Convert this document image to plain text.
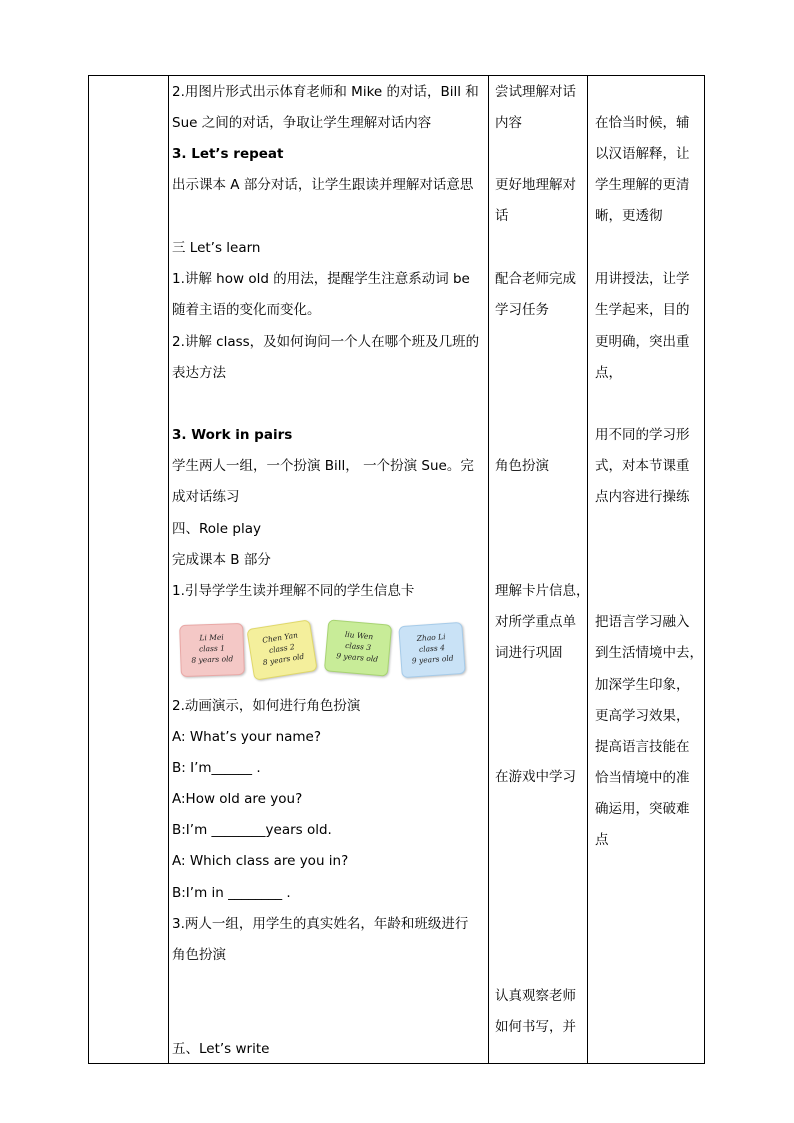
2.用图片形式出示体育老师和 Mike 的对话，Bill 和
Sue 之间的对话，争取让学生理解对话内容
3. Let’s repeat
出示课本 A 部分对话，让学生跟读并理解对话意思
三 Let’s learn
1.讲解 how old 的用法，提醒学生注意系动词 be
随着主语的变化而变化。
2.讲解 class，及如何询问一个人在哪个班及几班的
表达方法
3. Work in pairs
学生两人一组，一个扮演 Bill， 一个扮演 Sue。完
成对话练习
四、Role play
完成课本 B 部分
1.引导学学生读并理解不同的学生信息卡
Li Mei
class 1
8 years old
Chen Yan
class 2
8 years old
liu Wen
class 3
9 years old
Zhao Li
class 4
9 years old
2.动画演示，如何进行角色扮演
A: What’s your name?
B: I’m______ .
A:How old are you?
B:I’m ________years old.
A: Which class are you in?
B:I’m in ________ .
3.两人一组，用学生的真实姓名，年龄和班级进行
角色扮演
五、Let’s write
尝试理解对话
内容
更好地理解对
话
配合老师完成
学习任务
角色扮演
理解卡片信息，
对所学重点单
词进行巩固
在游戏中学习
认真观察老师
如何书写，并
在恰当时候，辅
以汉语解释，让
学生理解的更清
晰，更透彻
用讲授法，让学
生学起来，目的
更明确，突出重
点，
用不同的学习形
式，对本节课重
点内容进行操练
把语言学习融入
到生活情境中去，
加深学生印象，
更高学习效果，
提高语言技能在
恰当情境中的准
确运用，突破难
点
